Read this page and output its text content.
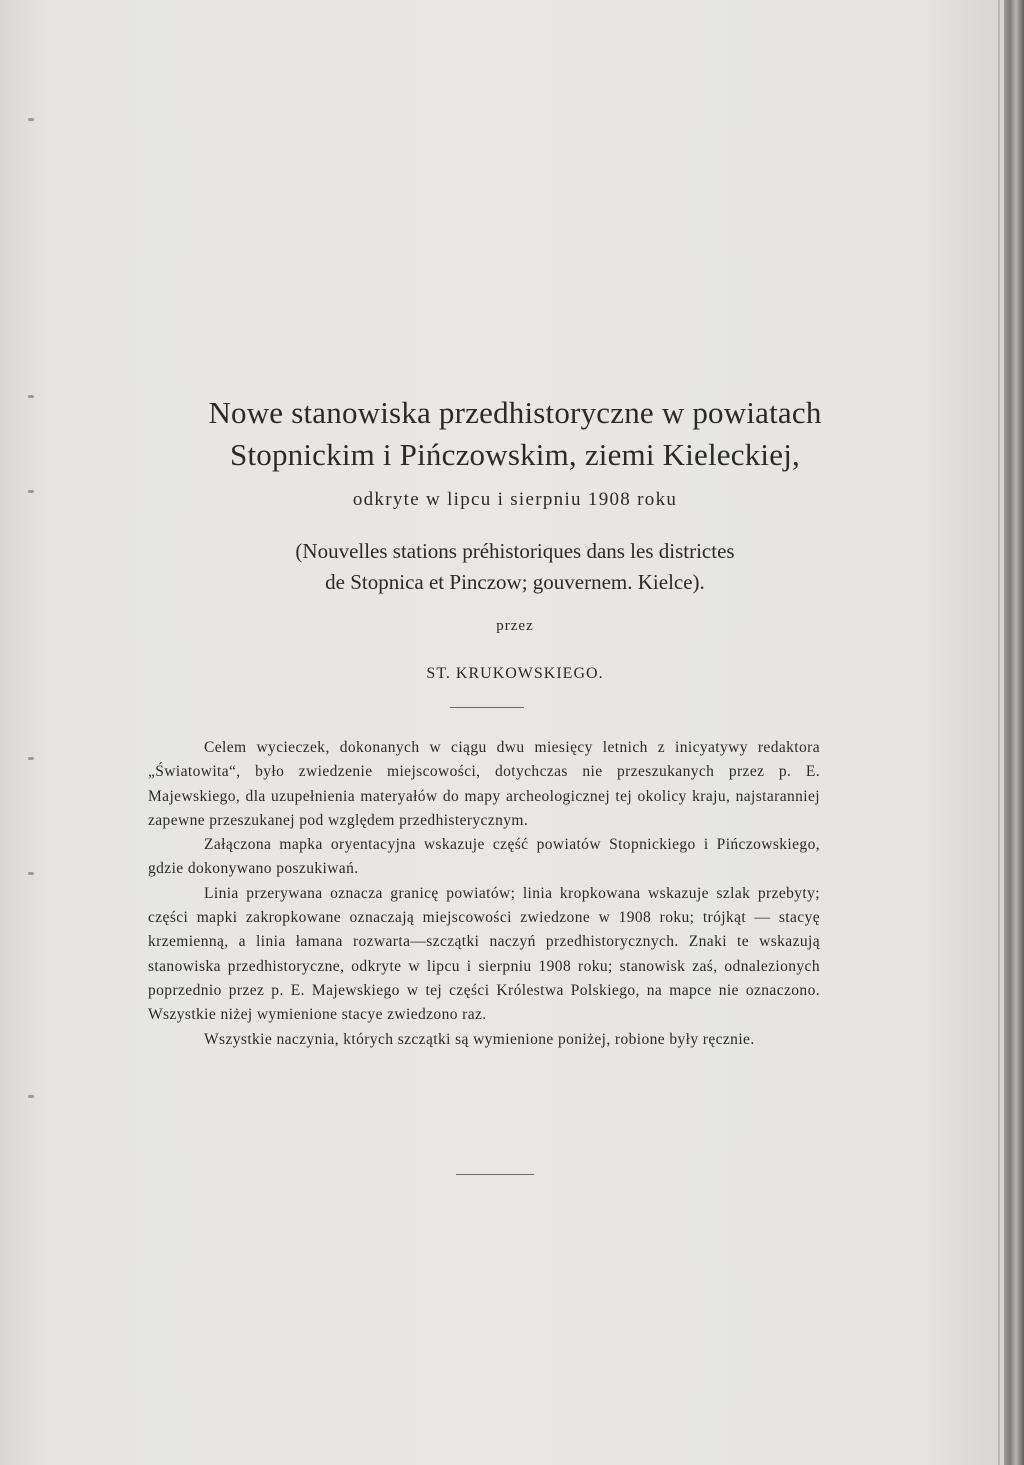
Nowe stanowiska przedhistoryczne w powiatach
Stopnickim i Pińczowskim, ziemi Kieleckiej,
odkryte w lipcu i sierpniu 1908 roku
(Nouvelles stations préhistoriques dans les districtes
de Stopnica et Pinczow; gouvernem. Kielce).
przez
ST. KRUKOWSKIEGO.

Celem wycieczek, dokonanych w ciągu dwu miesięcy letnich z inicyatywy redaktora „Światowita“, było zwiedzenie miejscowości, dotychczas nie przeszukanych przez p. E. Majewskiego, dla uzupełnienia materyałów do mapy archeologicznej tej okolicy kraju, najstaranniej zapewne przeszukanej pod względem przedhisterycznym.

Załączona mapka oryentacyjna wskazuje część powiatów Stopnickiego i Pińczowskiego, gdzie dokonywano poszukiwań.

Linia przerywana oznacza granicę powiatów; linia kropkowana wskazuje szlak przebyty; części mapki zakropkowane oznaczają miejscowości zwiedzone w 1908 roku; trójkąt — stacyę krzemienną, a linia łamana rozwarta—szczątki naczyń przedhistorycznych. Znaki te wskazują stanowiska przedhistoryczne, odkryte w lipcu i sierpniu 1908 roku; stanowisk zaś, odnalezionych poprzednio przez p. E. Majewskiego w tej części Królestwa Polskiego, na mapce nie oznaczono. Wszystkie niżej wymienione stacye zwiedzono raz.

Wszystkie naczynia, których szczątki są wymienione poniżej, robione były ręcznie.
